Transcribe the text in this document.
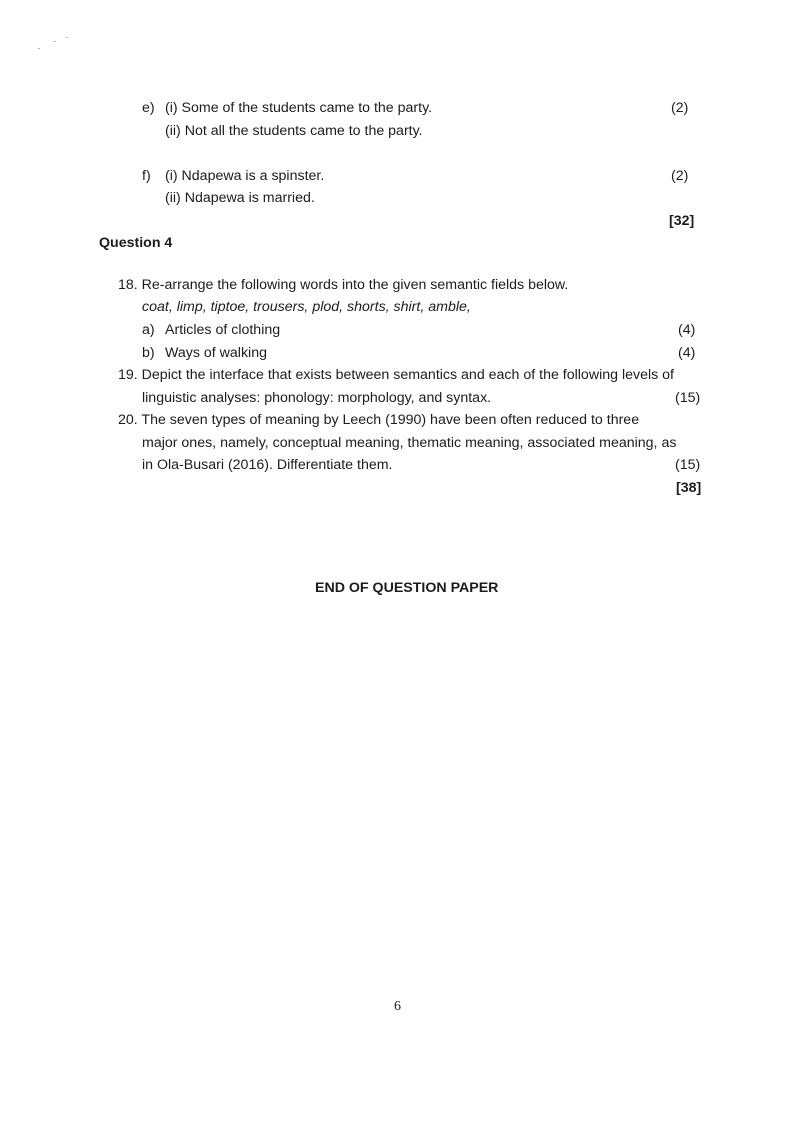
e) (i) Some of the students came to the party.	(2)
(ii) Not all the students came to the party.
f) (i) Ndapewa is a spinster.	(2)
(ii) Ndapewa is married.
[32]
Question 4
18. Re-arrange the following words into the given semantic fields below.
coat, limp, tiptoe, trousers, plod, shorts, shirt, amble,
a) Articles of clothing	(4)
b) Ways of walking	(4)
19. Depict the interface that exists between semantics and each of the following levels of
linguistic analyses: phonology: morphology, and syntax.	(15)
20. The seven types of meaning by Leech (1990) have been often reduced to three
major ones, namely, conceptual meaning, thematic meaning, associated meaning, as
in Ola-Busari (2016). Differentiate them.	(15)
[38]
END OF QUESTION PAPER
6
